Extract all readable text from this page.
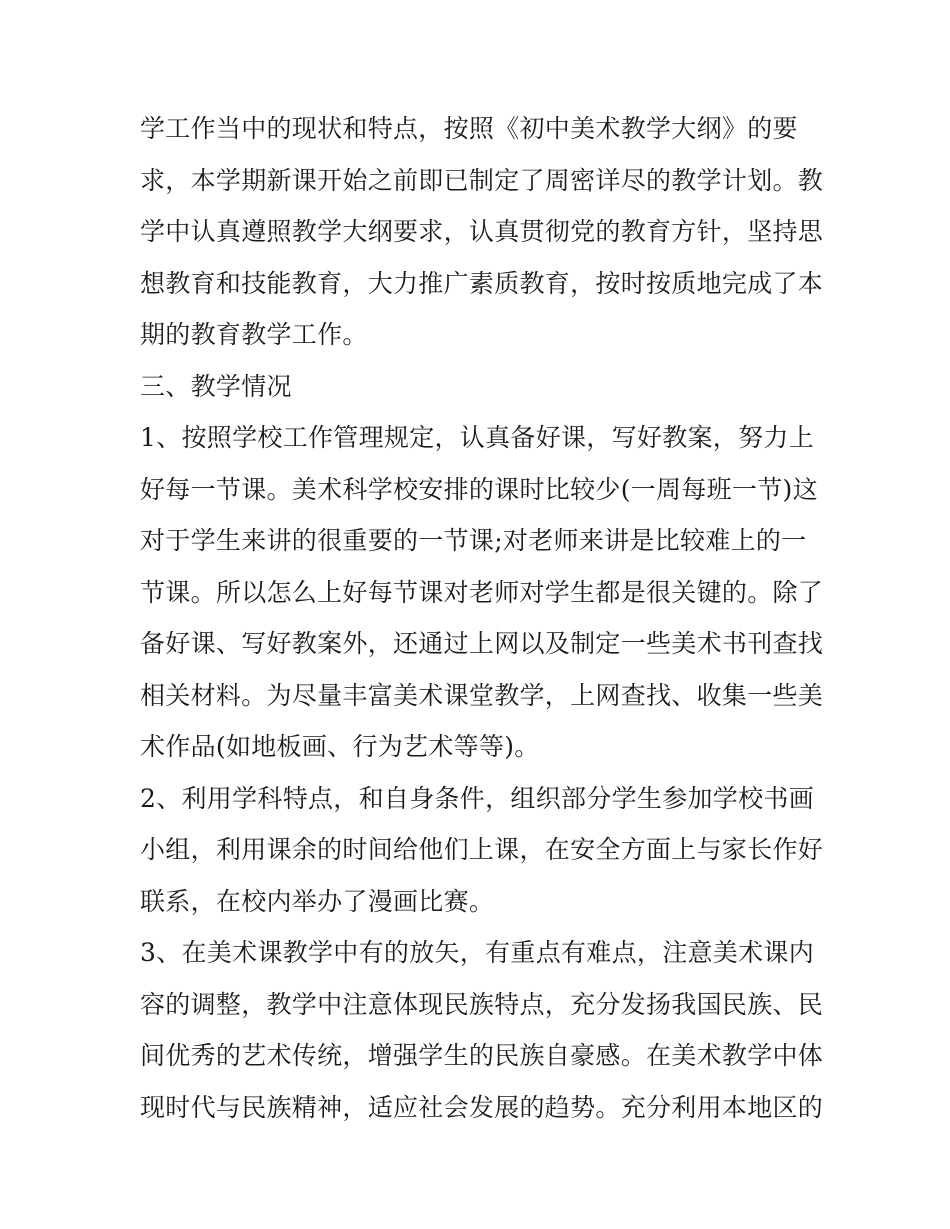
学工作当中的现状和特点，按照《初中美术教学大纲》的要
求，本学期新课开始之前即已制定了周密详尽的教学计划。教
学中认真遵照教学大纲要求，认真贯彻党的教育方针，坚持思
想教育和技能教育，大力推广素质教育，按时按质地完成了本
期的教育教学工作。
三、教学情况
1、按照学校工作管理规定，认真备好课，写好教案，努力上
好每一节课。美术科学校安排的课时比较少(一周每班一节)这
对于学生来讲的很重要的一节课;对老师来讲是比较难上的一
节课。所以怎么上好每节课对老师对学生都是很关键的。除了
备好课、写好教案外，还通过上网以及制定一些美术书刊查找
相关材料。为尽量丰富美术课堂教学，上网查找、收集一些美
术作品(如地板画、行为艺术等等)。
2、利用学科特点，和自身条件，组织部分学生参加学校书画
小组，利用课余的时间给他们上课，在安全方面上与家长作好
联系，在校内举办了漫画比赛。
3、在美术课教学中有的放矢，有重点有难点，注意美术课内
容的调整，教学中注意体现民族特点，充分发扬我国民族、民
间优秀的艺术传统，增强学生的民族自豪感。在美术教学中体
现时代与民族精神，适应社会发展的趋势。充分利用本地区的
